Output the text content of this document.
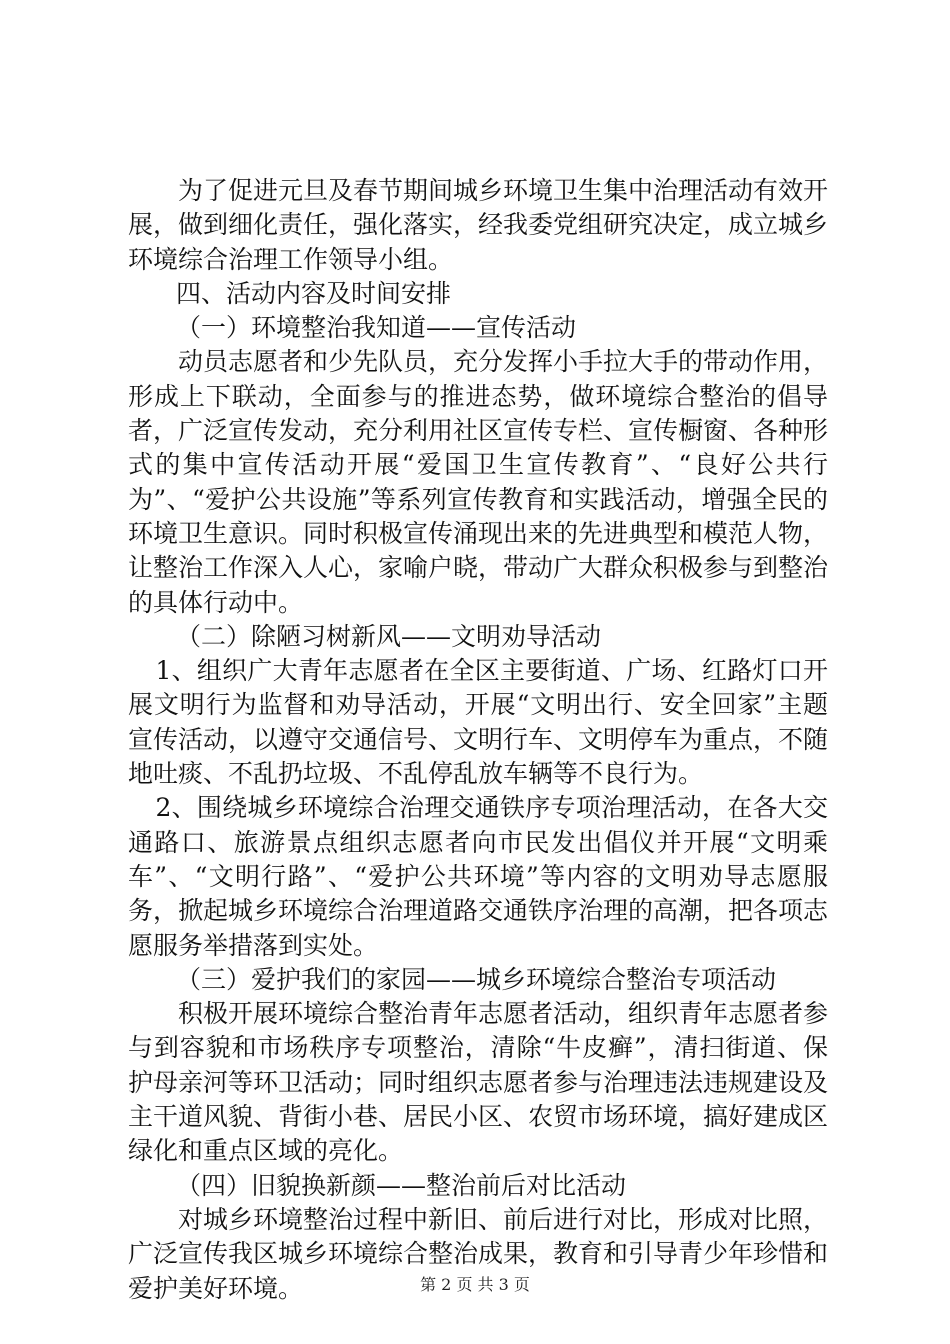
为了促进元旦及春节期间城乡环境卫生集中治理活动有效开展，做到细化责任，强化落实，经我委党组研究决定，成立城乡环境综合治理工作领导小组。

四、活动内容及时间安排

（一）环境整治我知道——宣传活动

动员志愿者和少先队员，充分发挥小手拉大手的带动作用，形成上下联动，全面参与的推进态势，做环境综合整治的倡导者，广泛宣传发动，充分利用社区宣传专栏、宣传橱窗、各种形式的集中宣传活动开展“爱国卫生宣传教育”、“良好公共行为”、“爱护公共设施”等系列宣传教育和实践活动，增强全民的环境卫生意识。同时积极宣传涌现出来的先进典型和模范人物，让整治工作深入人心，家喻户晓，带动广大群众积极参与到整治的具体行动中。

（二）除陋习树新风——文明劝导活动

1、组织广大青年志愿者在全区主要街道、广场、红路灯口开展文明行为监督和劝导活动，开展“文明出行、安全回家”主题宣传活动，以遵守交通信号、文明行车、文明停车为重点，不随地吐痰、不乱扔垃圾、不乱停乱放车辆等不良行为。

2、围绕城乡环境综合治理交通铁序专项治理活动，在各大交通路口、旅游景点组织志愿者向市民发出倡仪并开展“文明乘车”、“文明行路”、“爱护公共环境”等内容的文明劝导志愿服务，掀起城乡环境综合治理道路交通铁序治理的高潮，把各项志愿服务举措落到实处。

（三）爱护我们的家园——城乡环境综合整治专项活动

积极开展环境综合整治青年志愿者活动，组织青年志愿者参与到容貌和市场秩序专项整治，清除“牛皮癣”，清扫街道、保护母亲河等环卫活动；同时组织志愿者参与治理违法违规建设及主干道风貌、背街小巷、居民小区、农贸市场环境，搞好建成区绿化和重点区域的亮化。

（四）旧貌换新颜——整治前后对比活动

对城乡环境整治过程中新旧、前后进行对比，形成对比照，广泛宣传我区城乡环境综合整治成果，教育和引导青少年珍惜和爱护美好环境。	第 2 页 共 3 页
